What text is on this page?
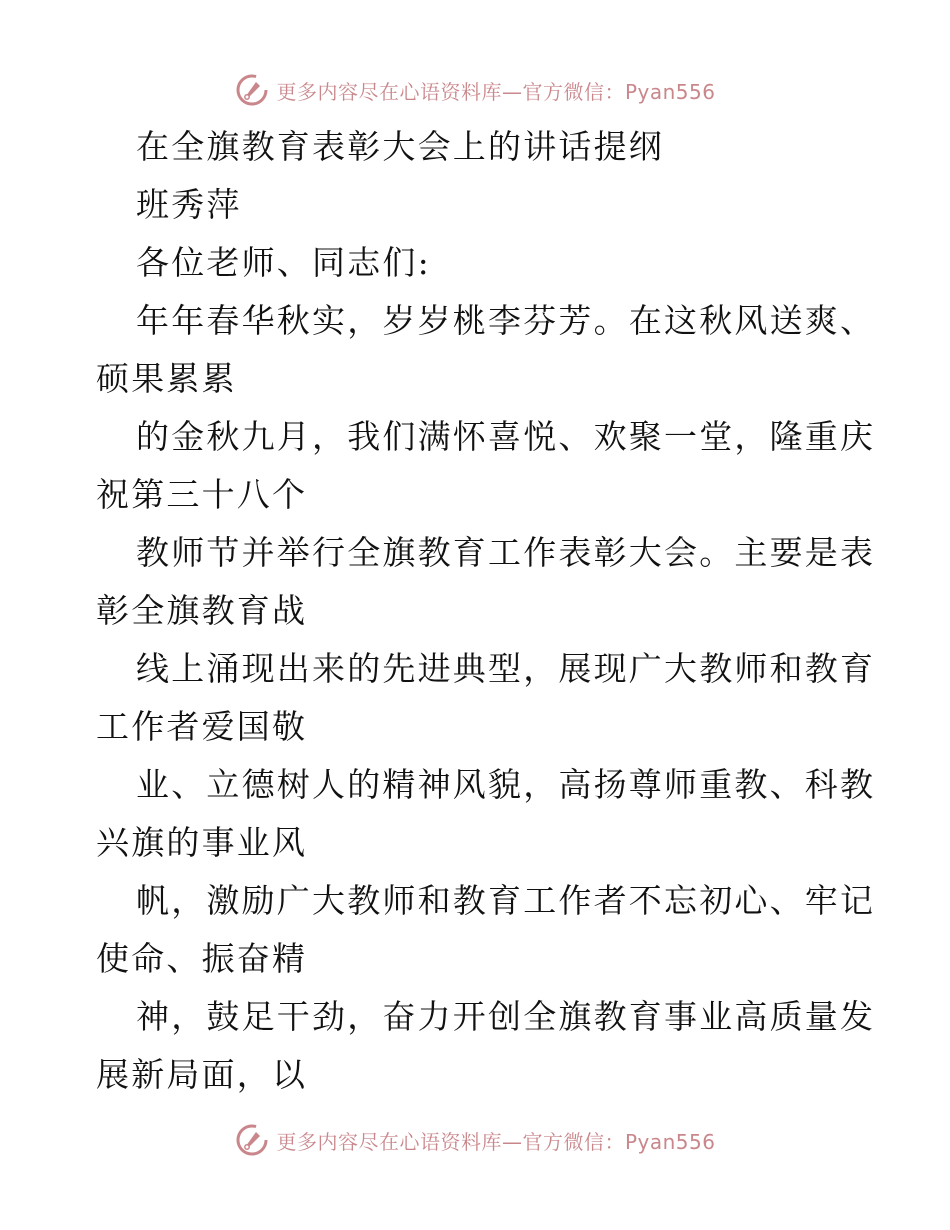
更多内容尽在心语资料库—官方微信：Pyan556
在全旗教育表彰大会上的讲话提纲
班秀萍
各位老师、同志们:
年年春华秋实，岁岁桃李芬芳。在这秋风送爽、
硕果累累
的金秋九月，我们满怀喜悦、欢聚一堂，隆重庆
祝第三十八个
教师节并举行全旗教育工作表彰大会。主要是表
彰全旗教育战
线上涌现出来的先进典型，展现广大教师和教育
工作者爱国敬
业、立德树人的精神风貌，高扬尊师重教、科教
兴旗的事业风
帆，激励广大教师和教育工作者不忘初心、牢记
使命、振奋精
神，鼓足干劲，奋力开创全旗教育事业高质量发
展新局面，以
更多内容尽在心语资料库—官方微信：Pyan556
